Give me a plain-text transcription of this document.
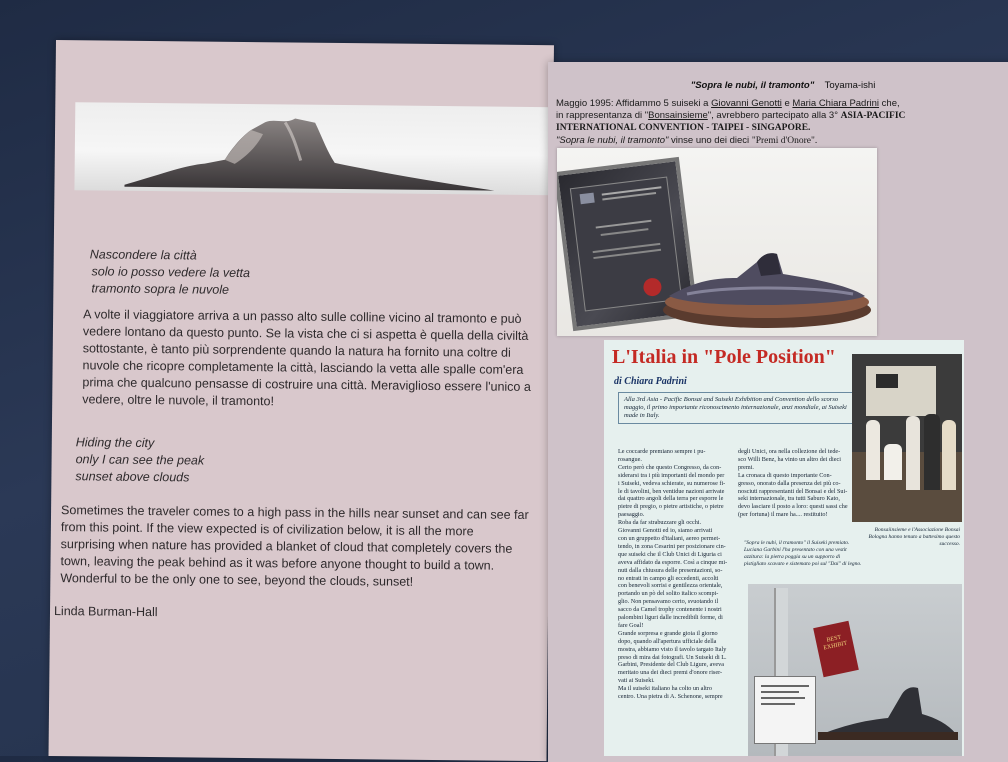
Nascondere la città
solo io posso vedere la vetta
tramonto sopra le nuvole
A volte il viaggiatore arriva a un passo alto sulle colline vicino al tramonto e può
vedere lontano da questo punto. Se la vista che ci si aspetta è quella della civiltà
sottostante, è tanto più sorprendente quando la natura ha fornito una coltre di
nuvole che ricopre completamente la città, lasciando la vetta alle spalle com'era
prima che qualcuno pensasse di costruire una città. Meraviglioso essere l'unico a
vedere, oltre le nuvole, il tramonto!
Hiding the city
only I can see the peak
sunset above clouds
Sometimes the traveler comes to a high pass in the hills near sunset and can see far
from this point. If the view expected is of civilization below, it is all the more
surprising when nature has provided a blanket of cloud that completely covers the
town, leaving the peak behind as it was before anyone thought to build a town.
Wonderful to be the only one to see, beyond the clouds, sunset!
Linda Burman-Hall
"Sopra le nubi, il tramonto" Toyama-ishi
Maggio 1995: Affidammo 5 suiseki a Giovanni Genotti e Maria Chiara Padrini che,
in rappresentanza di "Bonsainsieme", avrebbero partecipato alla 3° ASIA-PACIFIC
INTERNATIONAL CONVENTION - TAIPEI - SINGAPORE.
"Sopra le nubi, il tramonto" vinse uno dei dieci "Premi d'Onore".
L'Italia in "Pole Position"
di Chiara Padrini
Alla 3rd Asia - Pacific Bonsai and Suiseki Exhibition and Convention dello scorso maggio, il primo importante riconoscimento internazionale, anzi mondiale, ai Suiseki made in Italy.
Le coccarde premiano sempre i pu-
rosangue.
Certo però che questo Congresso, da con-
siderarsi tra i più importanti del mondo per
i Suiseki, vedeva schierate, su numerose fi-
le di tavolini, ben ventidue nazioni arrivate
dai quattro angoli della terra per esporre le
pietre di pregio, o pietre artistiche, o pietre
paesaggio.
Roba da far strabuzzare gli occhi.
Giovanni Genotti ed io, siamo arrivati
con un gruppetto d'italiani, aereo permet-
tendo, in zona Cesarini per posizionare cin-
que suiseki che il Club Unici di Liguria ci
aveva affidato da esporre. Così a cinque mi-
nuti dalla chiusura delle presentazioni, so-
no entrati in campo gli eccedenti, accolti
con benevoli sorrisi e gentilezza orientale,
portando un pò del solito italico scompi-
glio. Non pensavamo certo, svuotando il
sacco da Camel trophy contenente i nostri
palombini liguri dalle incredibili forme, di
fare Goal!
Grande sorpresa e grande gioia il giorno
dopo, quando all'apertura ufficiale della
mostra, abbiamo visto il tavolo targato Italy
preso di mira dai fotografi. Un Suiseki di L.
Garbini, Presidente del Club Ligure, aveva
meritato una dei dieci premi d'onore riser-
vati ai Suiseki.
Ma il suiseki italiano ha colto un altro
centro. Una pietra di A. Schenone, sempre
degli Unici, ora nella collezione del tede-
sco Willi Benz, ha vinto un altro dei dieci
premi.
La cronaca di questo importante Con-
gresso, onorato dalla presenza dei più co-
nosciuti rappresentanti del Bonsai e del Sui-
seki internazionale, tra tutti Saburo Kato,
devo lasciare il posto a loro: questi sassi che
(per fortuna) il mare ha.... restituito!
Bonsaiinsieme e l'Associazione Bonsai Bologna hanno tenuto a battesimo questo successo.
"Sopra le nubi, il tramonto" il Suiseki premiato. Luciana Garbini l'ha presentato con una vestit azzitura: la pietra poggia su un supporto di pistigliato scavato e sistemato poi sul "Dai" di legno.
BEST EXHIBIT
